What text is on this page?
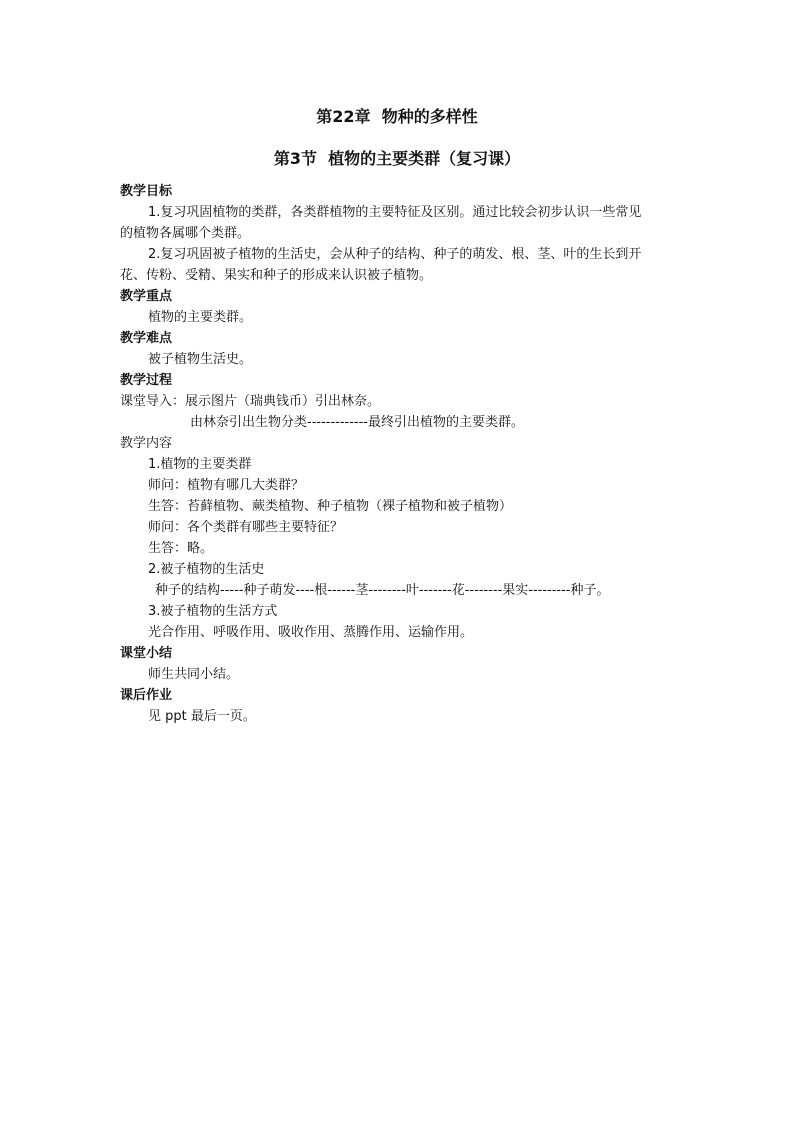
第22章  物种的多样性
第3节  植物的主要类群（复习课）
教学目标
1.复习巩固植物的类群，各类群植物的主要特征及区别。通过比较会初步认识一些常见
的植物各属哪个类群。
2.复习巩固被子植物的生活史，会从种子的结构、种子的萌发、根、茎、叶的生长到开
花、传粉、受精、果实和种子的形成来认识被子植物。
教学重点
植物的主要类群。
教学难点
被子植物生活史。
教学过程
课堂导入：展示图片（瑞典钱币）引出林奈。
由林奈引出生物分类-------------最终引出植物的主要类群。
教学内容
1.植物的主要类群
师问：植物有哪几大类群？
生答：苔藓植物、蕨类植物、种子植物（裸子植物和被子植物）
师问：各个类群有哪些主要特征？
生答：略。
2.被子植物的生活史
种子的结构-----种子萌发----根------茎--------叶-------花--------果实---------种子。
3.被子植物的生活方式
光合作用、呼吸作用、吸收作用、蒸腾作用、运输作用。
课堂小结
师生共同小结。
课后作业
见 ppt 最后一页。
